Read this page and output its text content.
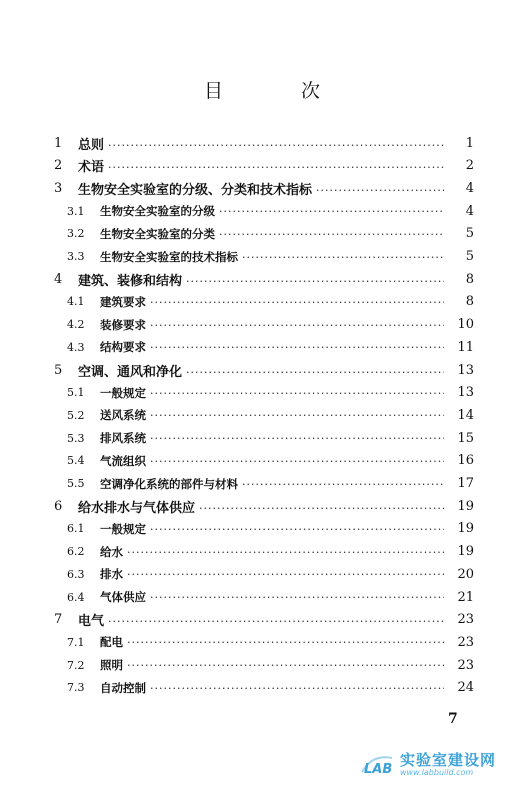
目 次
1 总则 ·····	1
2 术语 ·····	2
3 生物安全实验室的分级、分类和技术指标 ·····	4
3.1 生物安全实验室的分级 ·····	4
3.2 生物安全实验室的分类 ·····	5
3.3 生物安全实验室的技术指标 ·····	5
4 建筑、装修和结构 ·····	8
4.1 建筑要求 ·····	8
4.2 装修要求 ·····	10
4.3 结构要求 ·····	11
5 空调、通风和净化 ·····	13
5.1 一般规定 ·····	13
5.2 送风系统 ·····	14
5.3 排风系统 ·····	15
5.4 气流组织 ·····	16
5.5 空调净化系统的部件与材料 ·····	17
6 给水排水与气体供应 ·····	19
6.1 一般规定 ·····	19
6.2 给水 ·····	19
6.3 排水 ·····	20
6.4 气体供应 ·····	21
7 电气 ·····	23
7.1 配电 ·····	23
7.2 照明 ·····	23
7.3 自动控制 ·····	24
7
LAB
实验室建设网
www.labbuild.com
